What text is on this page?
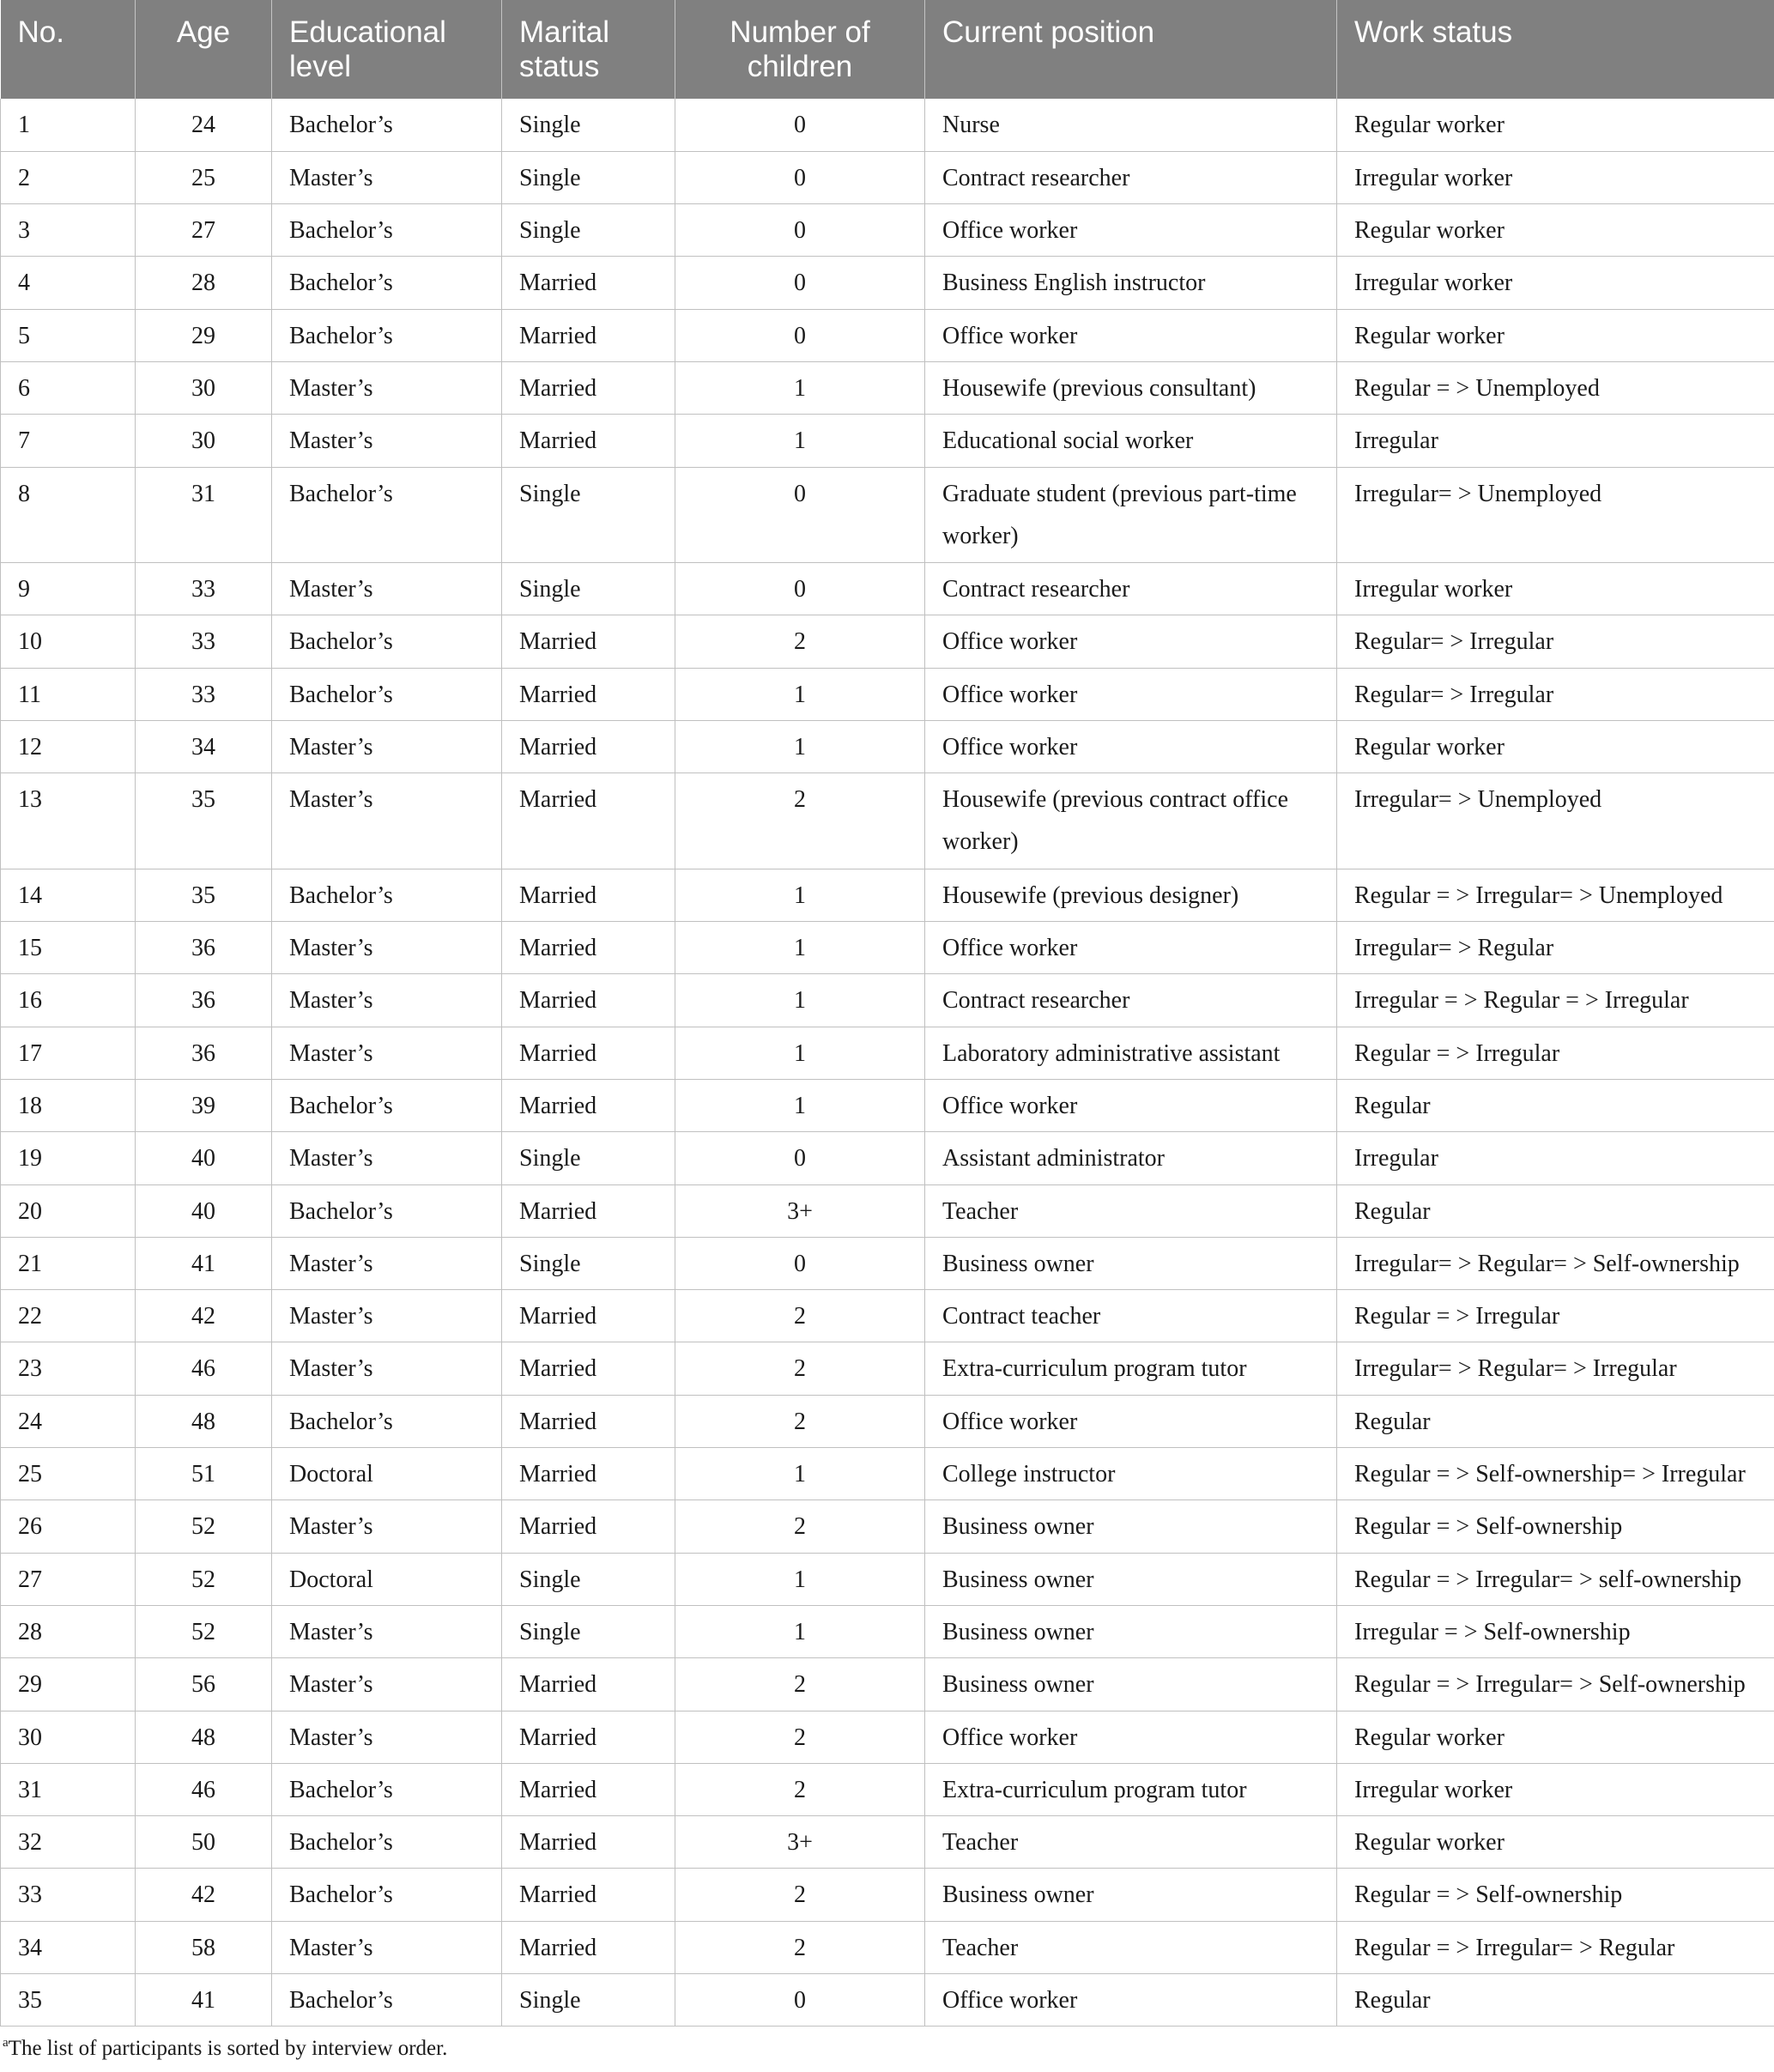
No.	Age	Educational level	Marital status	Number of children	Current position	Work status
1	24	Bachelor’s	Single	0	Nurse	Regular worker
2	25	Master’s	Single	0	Contract researcher	Irregular worker
3	27	Bachelor’s	Single	0	Office worker	Regular worker
4	28	Bachelor’s	Married	0	Business English instructor	Irregular worker
5	29	Bachelor’s	Married	0	Office worker	Regular worker
6	30	Master’s	Married	1	Housewife (previous consultant)	Regular = > Unemployed
7	30	Master’s	Married	1	Educational social worker	Irregular
8	31	Bachelor’s	Single	0	Graduate student (previous part-time worker)	Irregular= > Unemployed
9	33	Master’s	Single	0	Contract researcher	Irregular worker
10	33	Bachelor’s	Married	2	Office worker	Regular= > Irregular
11	33	Bachelor’s	Married	1	Office worker	Regular= > Irregular
12	34	Master’s	Married	1	Office worker	Regular worker
13	35	Master’s	Married	2	Housewife (previous contract office worker)	Irregular= > Unemployed
14	35	Bachelor’s	Married	1	Housewife (previous designer)	Regular = > Irregular= > Unemployed
15	36	Master’s	Married	1	Office worker	Irregular= > Regular
16	36	Master’s	Married	1	Contract researcher	Irregular = > Regular = > Irregular
17	36	Master’s	Married	1	Laboratory administrative assistant	Regular = > Irregular
18	39	Bachelor’s	Married	1	Office worker	Regular
19	40	Master’s	Single	0	Assistant administrator	Irregular
20	40	Bachelor’s	Married	3+	Teacher	Regular
21	41	Master’s	Single	0	Business owner	Irregular= > Regular= > Self-ownership
22	42	Master’s	Married	2	Contract teacher	Regular = > Irregular
23	46	Master’s	Married	2	Extra-curriculum program tutor	Irregular= > Regular= > Irregular
24	48	Bachelor’s	Married	2	Office worker	Regular
25	51	Doctoral	Married	1	College instructor	Regular = > Self-ownership= > Irregular
26	52	Master’s	Married	2	Business owner	Regular = > Self-ownership
27	52	Doctoral	Single	1	Business owner	Regular = > Irregular= > self-ownership
28	52	Master’s	Single	1	Business owner	Irregular = > Self-ownership
29	56	Master’s	Married	2	Business owner	Regular = > Irregular= > Self-ownership
30	48	Master’s	Married	2	Office worker	Regular worker
31	46	Bachelor’s	Married	2	Extra-curriculum program tutor	Irregular worker
32	50	Bachelor’s	Married	3+	Teacher	Regular worker
33	42	Bachelor’s	Married	2	Business owner	Regular = > Self-ownership
34	58	Master’s	Married	2	Teacher	Regular = > Irregular= > Regular
35	41	Bachelor’s	Single	0	Office worker	Regular
$^a$The list of participants is sorted by interview order.
